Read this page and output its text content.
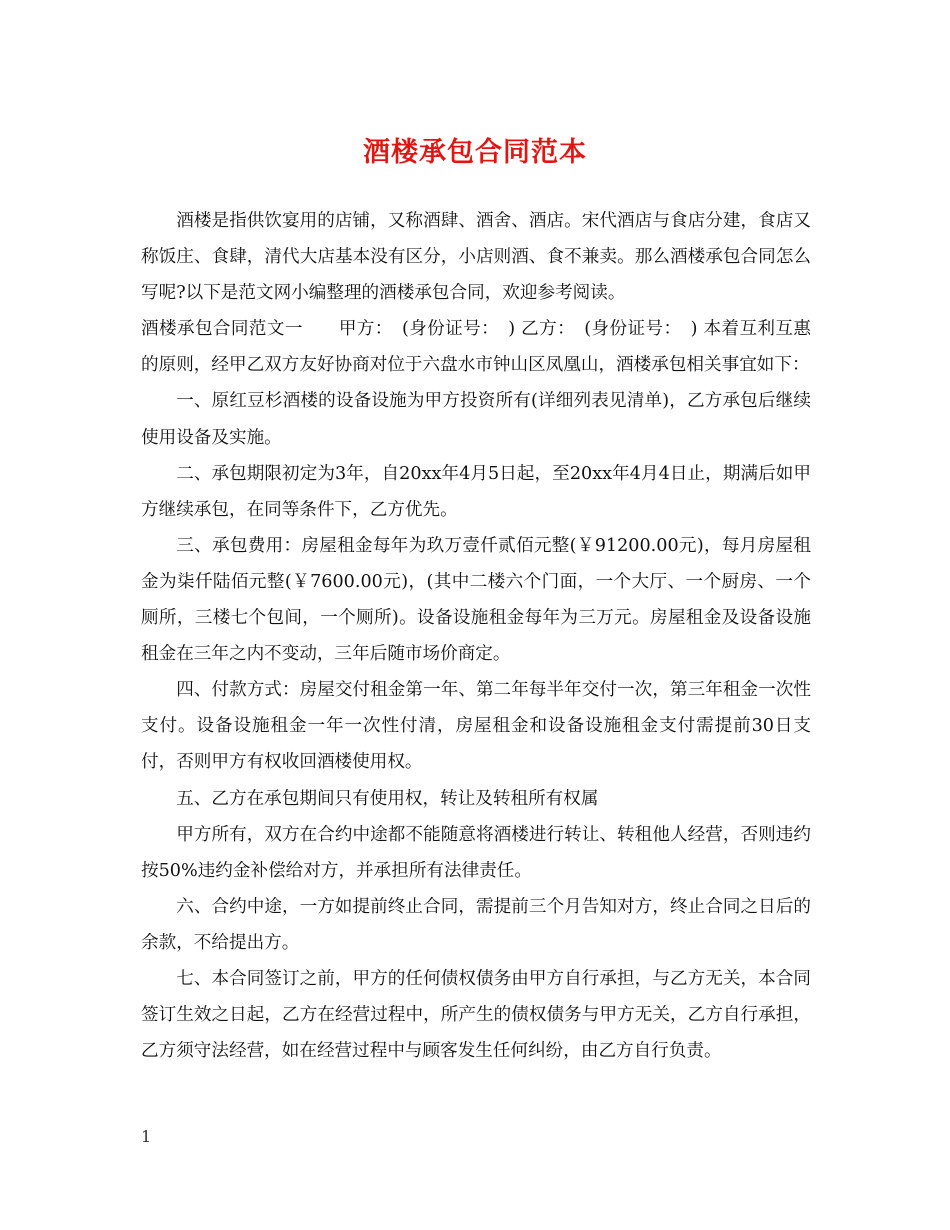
酒楼承包合同范本

酒楼是指供饮宴用的店铺，又称酒肆、酒舍、酒店。宋代酒店与食店分建，食店又称饭庄、食肆，清代大店基本没有区分，小店则酒、食不兼卖。那么酒楼承包合同怎么写呢?以下是范文网小编整理的酒楼承包合同，欢迎参考阅读。

酒楼承包合同范文一　　甲方：　(身份证号：　) 乙方：　(身份证号：　) 本着互利互惠的原则，经甲乙双方友好协商对位于六盘水市钟山区凤凰山，酒楼承包相关事宜如下：

一、原红豆杉酒楼的设备设施为甲方投资所有(详细列表见清单)，乙方承包后继续使用设备及实施。

二、承包期限初定为3年，自20xx年4月5日起，至20xx年4月4日止，期满后如甲方继续承包，在同等条件下，乙方优先。

三、承包费用：房屋租金每年为玖万壹仟贰佰元整(￥91200.00元)，每月房屋租金为柒仟陆佰元整(￥7600.00元)，(其中二楼六个门面，一个大厅、一个厨房、一个厕所，三楼七个包间，一个厕所)。设备设施租金每年为三万元。房屋租金及设备设施租金在三年之内不变动，三年后随市场价商定。

四、付款方式：房屋交付租金第一年、第二年每半年交付一次，第三年租金一次性支付。设备设施租金一年一次性付清，房屋租金和设备设施租金支付需提前30日支付，否则甲方有权收回酒楼使用权。

五、乙方在承包期间只有使用权，转让及转租所有权属

甲方所有，双方在合约中途都不能随意将酒楼进行转让、转租他人经营，否则违约按50%违约金补偿给对方，并承担所有法律责任。

六、合约中途，一方如提前终止合同，需提前三个月告知对方，终止合同之日后的余款，不给提出方。

七、本合同签订之前，甲方的任何债权债务由甲方自行承担，与乙方无关，本合同签订生效之日起，乙方在经营过程中，所产生的债权债务与甲方无关，乙方自行承担，乙方须守法经营，如在经营过程中与顾客发生任何纠纷，由乙方自行负责。

1
